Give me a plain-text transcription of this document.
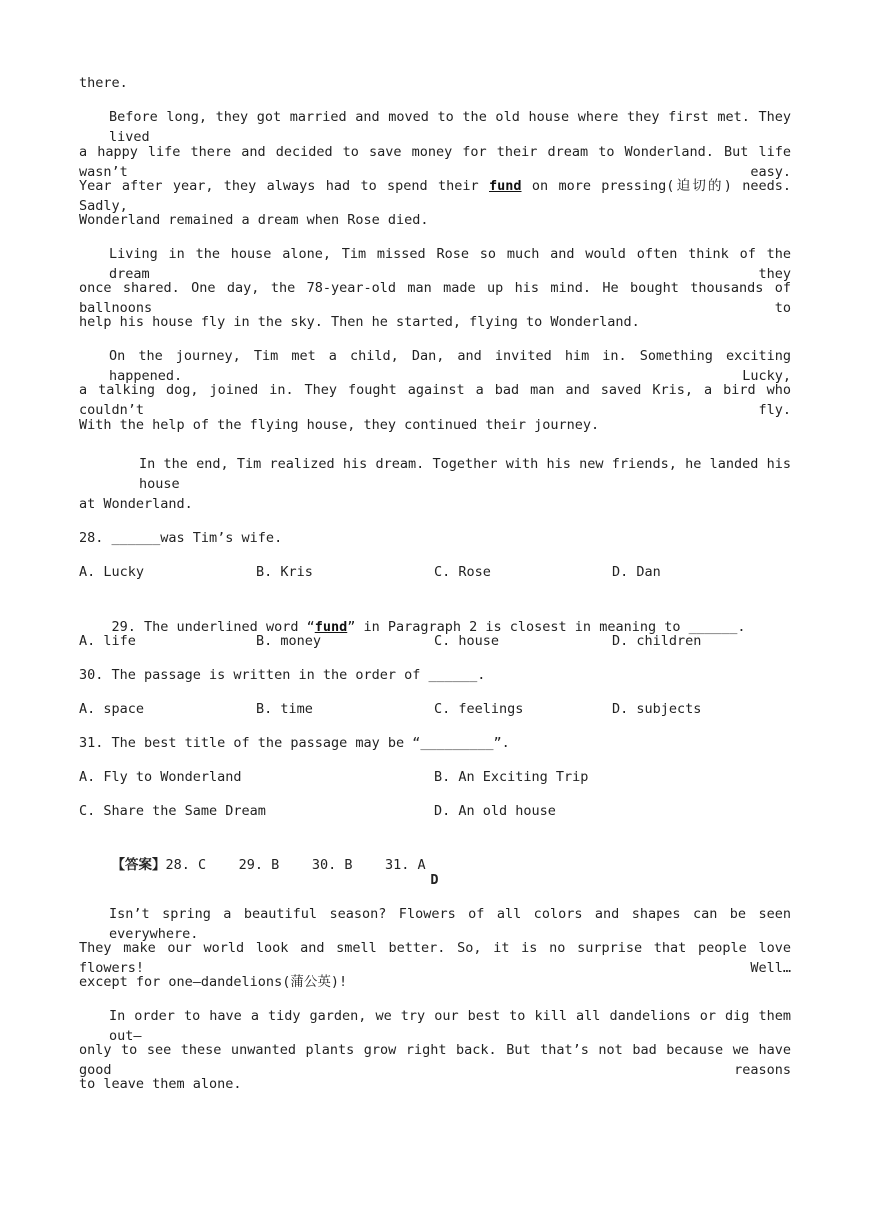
there.
Before long, they got married and moved to the old house where they first met. They lived
a happy life there and decided to save money for their dream to Wonderland. But life wasn’t easy.
Year after year, they always had to spend their fund on more pressing(迫切的) needs. Sadly,
Wonderland remained a dream when Rose died.
Living in the house alone, Tim missed Rose so much and would often think of the dream they
once shared. One day, the 78-year-old man made up his mind. He bought thousands of ballnoons to
help his house fly in the sky. Then he started, flying to Wonderland.
On the journey, Tim met a child, Dan, and invited him in. Something exciting happened. Lucky,
a talking dog, joined in. They fought against a bad man and saved Kris, a bird who couldn’t fly.
With the help of the flying house, they continued their journey.
In the end, Tim realized his dream. Together with his new friends, he landed his house
at Wonderland.
28. ______was Tim’s wife.
A. Lucky	B. Kris	C. Rose	D. Dan

29. The underlined word “fund” in Paragraph 2 is closest in meaning to ______.

A. life	B. money	C. house	D. children
30. The passage is written in the order of ______.
A. space	B. time	C. feelings	D. subjects
31. The best title of the passage may be “_________”.
A. Fly to Wonderland	B. An Exciting Trip
C. Share the Same Dream	D. An old house

【答案】28. C    29. B    30. B    31. A

D
Isn’t spring a beautiful season? Flowers of all colors and shapes can be seen everywhere.
They make our world look and smell better. So, it is no surprise that people love flowers! Well…
except for one—dandelions(蒲公英)!
In order to have a tidy garden, we try our best to kill all dandelions or dig them out—
only to see these unwanted plants grow right back. But that’s not bad because we have good reasons
to leave them alone.
